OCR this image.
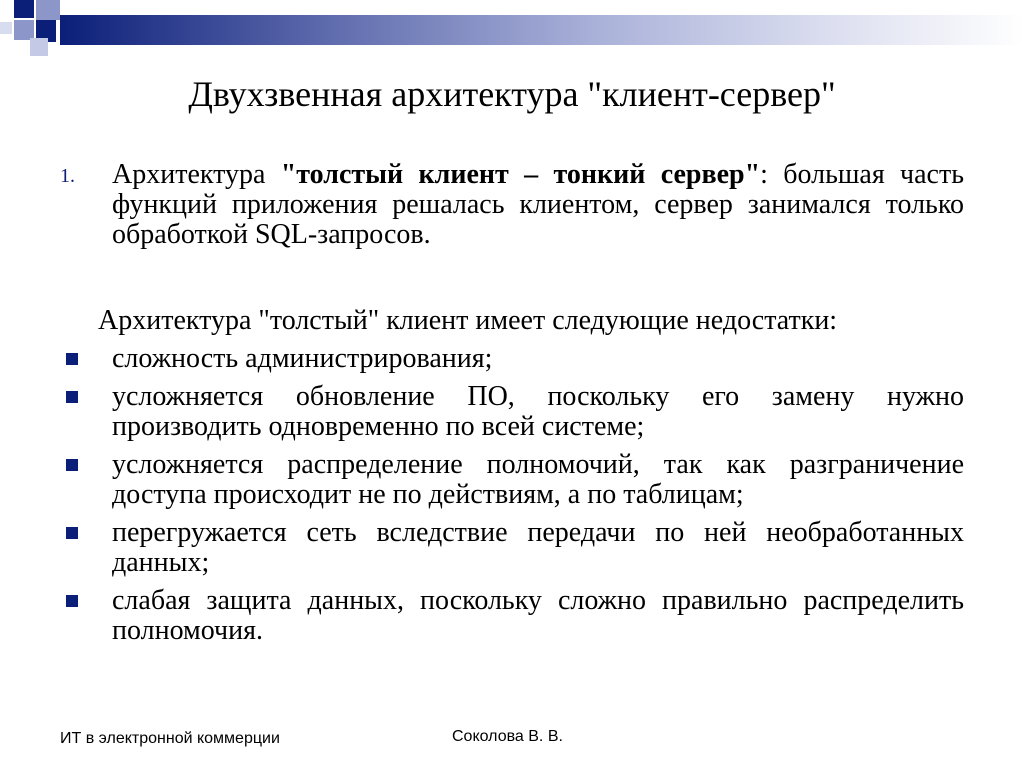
Двухзвенная архитектура "клиент-сервер"
1. Архитектура "толстый клиент – тонкий сервер": большая часть функций приложения решалась клиентом, сервер занимался только обработкой SQL-запросов.
Архитектура "толстый" клиент имеет следующие недостатки:
сложность администрирования;
усложняется обновление ПО, поскольку его замену нужно производить одновременно по всей системе;
усложняется распределение полномочий, так как разграничение доступа происходит не по действиям, а по таблицам;
перегружается сеть вследствие передачи по ней необработанных данных;
слабая защита данных, поскольку сложно правильно распределить полномочия.
ИТ в электронной коммерции	Соколова В. В.
